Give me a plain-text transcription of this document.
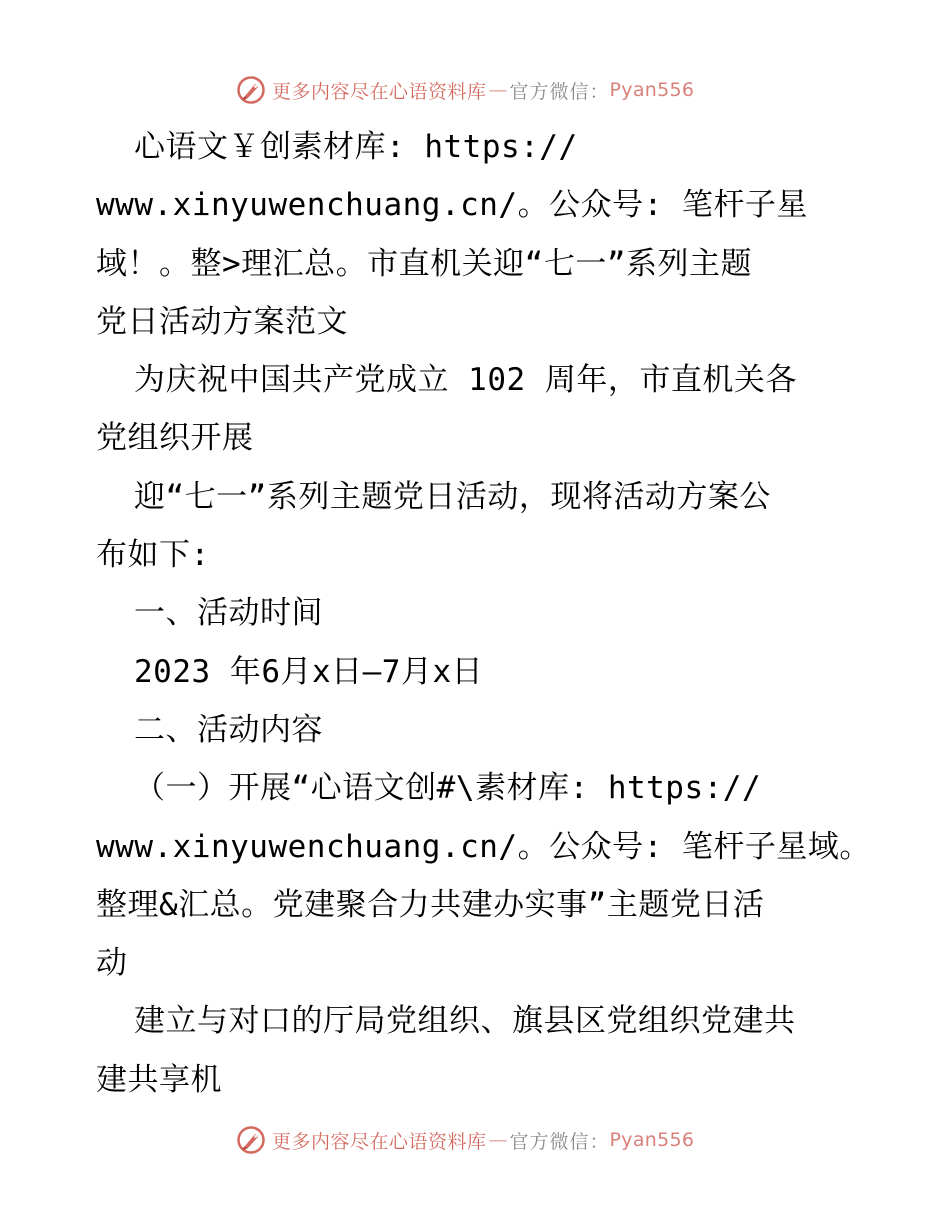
更多内容尽在心语资料库 — 官方微信： Pyan556
心语文￥创素材库: https://
www.xinyuwenchuang.cn/。公众号: 笔杆子星
域！。整>理汇总。市直机关迎“七一”系列主题
党日活动方案范文
为庆祝中国共产党成立 102 周年，市直机关各
党组织开展
迎“七一”系列主题党日活动，现将活动方案公
布如下:
一、活动时间
2023 年6月x日—7月x日
二、活动内容
（一）开展“心语文创#\素材库: https://
www.xinyuwenchuang.cn/。公众号: 笔杆子星域。
整理&汇总。党建聚合力共建办实事”主题党日活
动
建立与对口的厅局党组织、旗县区党组织党建共
建共享机
更多内容尽在心语资料库 — 官方微信： Pyan556
